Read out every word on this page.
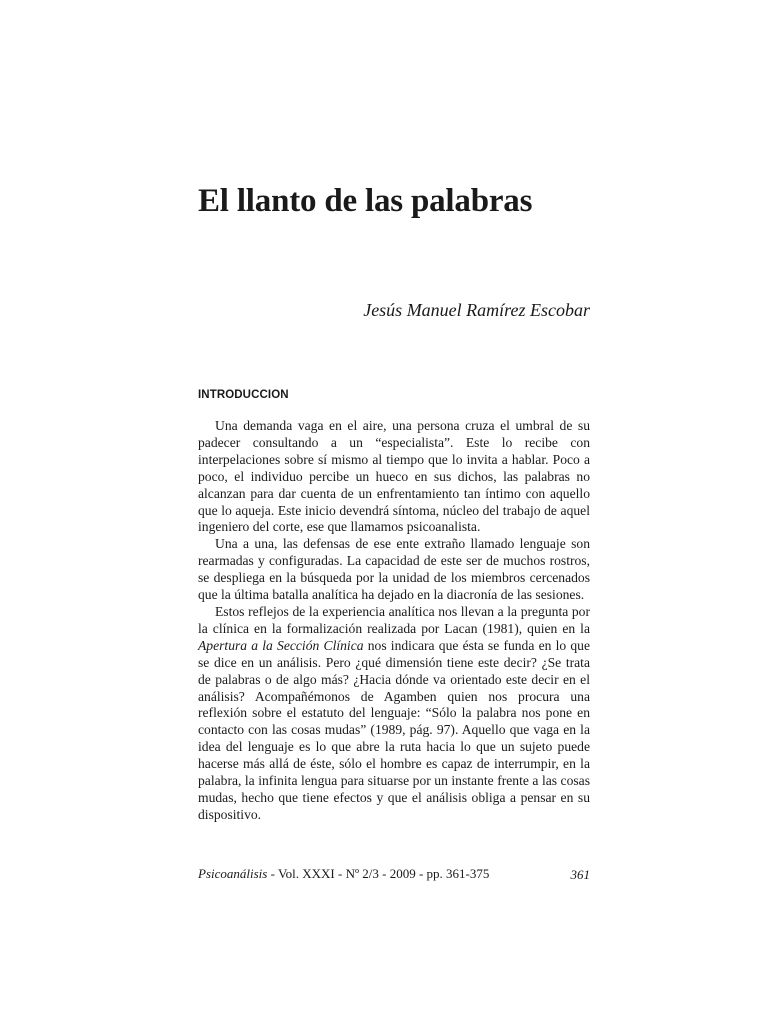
El llanto de las palabras
Jesús Manuel Ramírez Escobar
INTRODUCCION

Una demanda vaga en el aire, una persona cruza el umbral de su padecer consultando a un “especialista”. Este lo recibe con interpelaciones sobre sí mismo al tiempo que lo invita a hablar. Poco a poco, el individuo percibe un hueco en sus dichos, las palabras no alcanzan para dar cuenta de un enfrentamiento tan íntimo con aquello que lo aqueja. Este inicio devendrá síntoma, núcleo del trabajo de aquel ingeniero del corte, ese que llamamos psicoanalista.

Una a una, las defensas de ese ente extraño llamado lenguaje son rearmadas y configuradas. La capacidad de este ser de muchos rostros, se despliega en la búsqueda por la unidad de los miembros cercenados que la última batalla analítica ha dejado en la diacronía de las sesiones.

Estos reflejos de la experiencia analítica nos llevan a la pregunta por la clínica en la formalización realizada por Lacan (1981), quien en la Apertura a la Sección Clínica nos indicara que ésta se funda en lo que se dice en un análisis. Pero ¿qué dimensión tiene este decir? ¿Se trata de palabras o de algo más? ¿Hacia dónde va orientado este decir en el análisis? Acompañémonos de Agamben quien nos procura una reflexión sobre el estatuto del lenguaje: “Sólo la palabra nos pone en contacto con las cosas mudas” (1989, pág. 97). Aquello que vaga en la idea del lenguaje es lo que abre la ruta hacia lo que un sujeto puede hacerse más allá de éste, sólo el hombre es capaz de interrumpir, en la palabra, la infinita lengua para situarse por un instante frente a las cosas mudas, hecho que tiene efectos y que el análisis obliga a pensar en su dispositivo.

Psicoanálisis - Vol. XXXI - Nº 2/3 - 2009 - pp. 361-375	361
